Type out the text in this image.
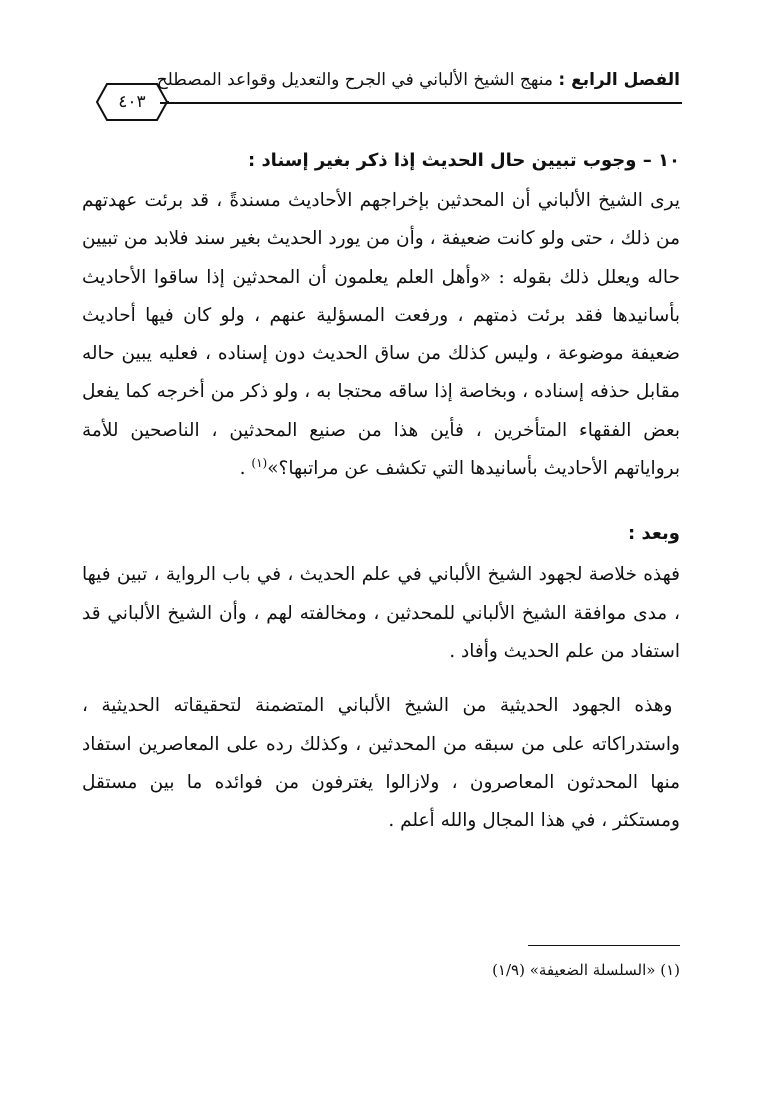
الفصل الرابع : منهج الشيخ الألباني في الجرح والتعديل وقواعد المصطلح
٤٠٣
١٠ – وجوب تبيين حال الحديث إذا ذكر بغير إسناد :
يرى الشيخ الألباني أن المحدثين بإخراجهم الأحاديث مسندةً ، قد برئت عهدتهم من ذلك ، حتى ولو كانت ضعيفة ، وأن من يورد الحديث بغير سند فلابد من تبيين حاله ويعلل ذلك بقوله : «وأهل العلم يعلمون أن المحدثين إذا ساقوا الأحاديث بأسانيدها فقد برئت ذمتهم ، ورفعت المسؤلية عنهم ، ولو كان فيها أحاديث ضعيفة موضوعة ، وليس كذلك من ساق الحديث دون إسناده ، فعليه يبين حاله مقابل حذفه إسناده ، وبخاصة إذا ساقه محتجا به ، ولو ذكر من أخرجه كما يفعل بعض الفقهاء المتأخرين ، فأين هذا من صنيع المحدثين ، الناصحين للأمة برواياتهم الأحاديث بأسانيدها التي تكشف عن مراتبها؟»$^{(١)}$ .
وبعد :
فهذه خلاصة لجهود الشيخ الألباني في علم الحديث ، في باب الرواية ، تبين فيها ، مدى موافقة الشيخ الألباني للمحدثين ، ومخالفته لهم ، وأن الشيخ الألباني قد استفاد من علم الحديث وأفاد .
وهذه الجهود الحديثية من الشيخ الألباني المتضمنة لتحقيقاته الحديثية ، واستدراكاته على من سبقه من المحدثين ، وكذلك رده على المعاصرين استفاد منها المحدثون المعاصرون ، ولازالوا يغترفون من فوائده ما بين مستقل ومستكثر ، في هذا المجال والله أعلم .
(١) «السلسلة الضعيفة» (١/٩)
